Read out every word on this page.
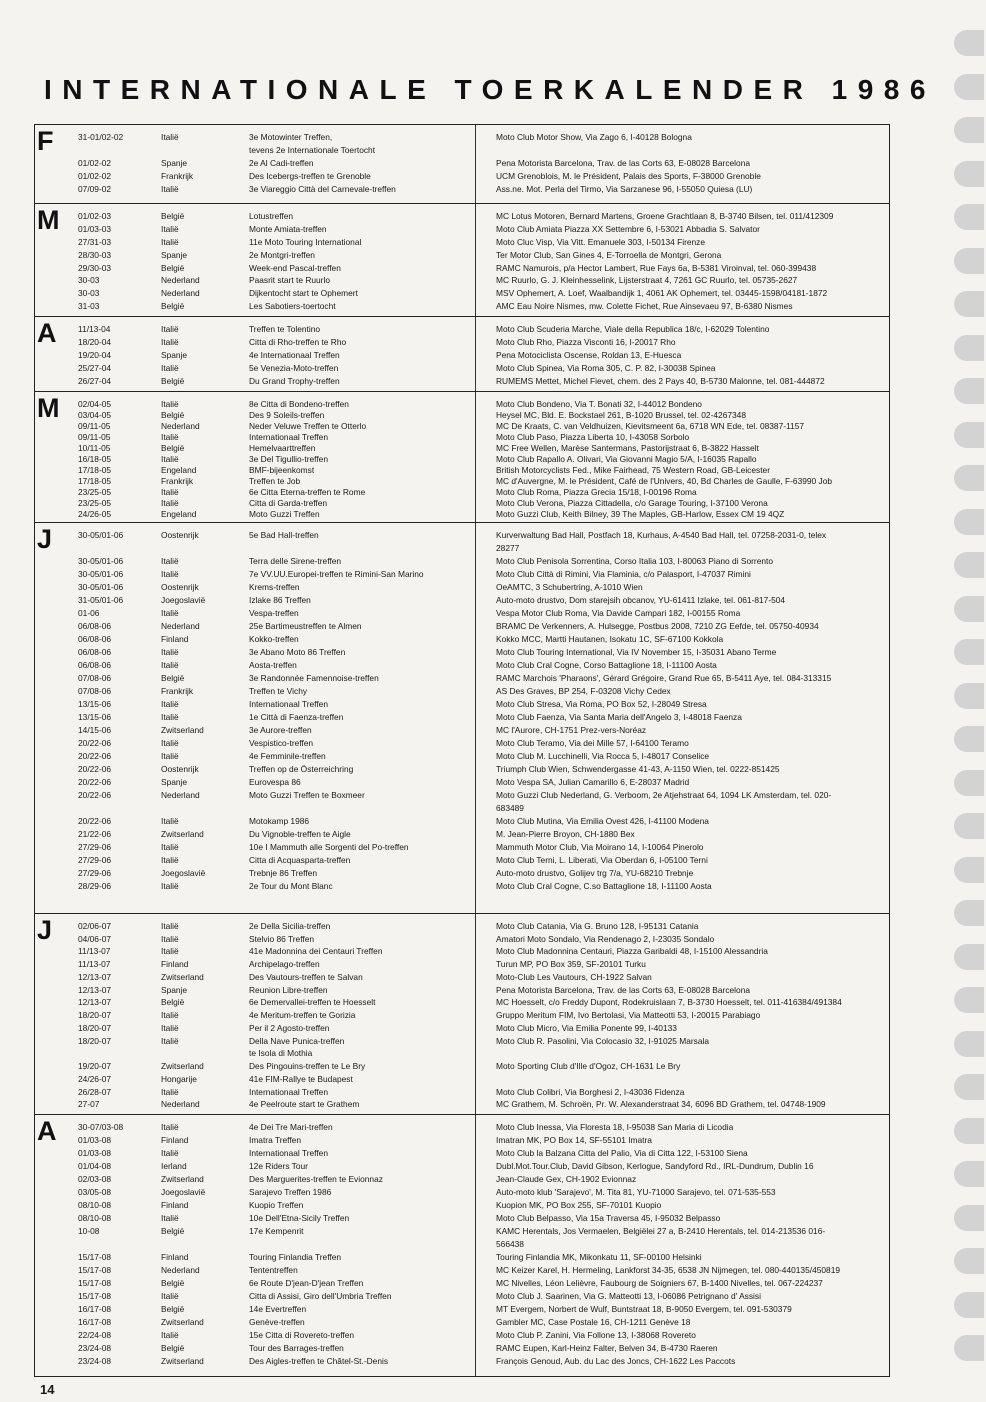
INTERNATIONALE TOERKALENDER 1986
F	31-01/02-02	Italië	3e Motowinter Treffen,	Moto Club Motor Show, Via Zago 6, I-40128 Bologna
tevens 2e Internationale Toertocht
01/02-02	Spanje	2e Al Cadi-treffen	Pena Motorista Barcelona, Trav. de las Corts 63, E-08028 Barcelona
01/02-02	Frankrijk	Des Icebergs-treffen te Grenoble	UCM Grenoblois, M. le Président, Palais des Sports, F-38000 Grenoble
07/09-02	Italië	3e Viareggio Città del Carnevale-treffen	Ass.ne. Mot. Perla del Tirmo, Via Sarzanese 96, I-55050 Quiesa (LU)
M 01/02-03	België	Lotustreffen	MC Lotus Motoren, Bernard Martens, Groene Grachtlaan 8, B-3740 Bilsen, tel. 011/412309
01/03-03	Italië	Monte Amiata-treffen	Moto Club Amiata Piazza XX Settembre 6, I-53021 Abbadia S. Salvator
27/31-03	Italië	11e Moto Touring International	Moto Cluc Visp, Via Vitt. Emanuele 303, I-50134 Firenze
28/30-03	Spanje	2e Montgri-treffen	Ter Motor Club, San Gines 4, E-Torroella de Montgri, Gerona
29/30-03	België	Week-end Pascal-treffen	RAMC Namurois, p/a Hector Lambert, Rue Fays 6a, B-5381 Viroinval, tel. 060-399438
30-03	Nederland	Paasrit start te Ruurlo	MC Ruurlo, G. J. Kleinhesselink, Lijsterstraat 4, 7261 GC Ruurlo, tel. 05735-2627
30-03	Nederland	Dijkentocht start te Ophemert	MSV Ophemert, A. Loef, Waalbandijk 1, 4061 AK Ophemert, tel. 03445-1598/04181-1872
31-03	België	Les Sabotiers-toertocht	AMC Eau Noire Nismes, mw. Colette Fichet, Rue Ainsevaeu 97, B-6380 Nismes
A	11/13-04	Italië	Treffen te Tolentino	Moto Club Scuderia Marche, Viale della Republica 18/c, I-62029 Tolentino
18/20-04	Italië	Citta di Rho-treffen te Rho	Moto Club Rho, Piazza Visconti 16, I-20017 Rho
19/20-04	Spanje	4e Internationaal Treffen	Pena Motociclista Oscense, Roldan 13, E-Huesca
25/27-04	Italië	5e Venezia-Moto-treffen	Moto Club Spinea, Via Roma 305, C. P. 82, I-30038 Spinea
26/27-04	België	Du Grand Trophy-treffen	RUMEMS Mettet, Michel Fievet, chem. des 2 Pays 40, B-5730 Malonne, tel. 081-444872
M 02/04-05	Italië	8e Citta di Bondeno-treffen	Moto Club Bondeno, Via T. Bonati 32, I-44012 Bondeno
03/04-05	België	Des 9 Soleils-treffen	Heysel MC, Bld. E. Bockstael 261, B-1020 Brussel, tel. 02-4267348
09/11-05	Nederland	Neder Veluwe Treffen te Otterlo	MC De Kraats, C. van Veldhuizen, Kievitsmeent 6a, 6718 WN Ede, tel. 08387-1157
09/11-05	Italië	Internationaal Treffen	Moto Club Paso, Piazza Liberta 10, I-43058 Sorbolo
10/11-05	België	Hemelvaarttreffen	MC Free Wellen, Marèse Santermans, Pastorijstraat 6, B-3822 Hasselt
16/18-05	Italië	3e Del Tigullio-treffen	Moto Club Rapallo A. Olivari, Via Giovanni Magio 5/A, I-16035 Rapallo
17/18-05	Engeland	BMF-bijeenkomst	British Motorcyclists Fed., Mike Fairhead, 75 Western Road, GB-Leicester
17/18-05	Frankrijk	Treffen te Job	MC d'Auvergne, M. le Président, Café de l'Univers, 40, Bd Charles de Gaulle, F-63990 Job
23/25-05	Italië	6e Citta Eterna-treffen te Rome	Moto Club Roma, Piazza Grecia 15/18, I-00196 Roma
23/25-05	Italië	Citta di Garda-treffen	Moto Club Verona, Piazza Cittadella, c/o Garage Touring, I-37100 Verona
24/26-05	Engeland	Moto Guzzi Treffen	Moto Guzzi Club, Keith Bilney, 39 The Maples, GB-Harlow, Essex CM 19 4QZ
J	30-05/01-06	Oostenrijk	5e Bad Hall-treffen	Kurverwaltung Bad Hall, Postfach 18, Kurhaus, A-4540 Bad Hall, tel. 07258-2031-0, telex
28277
30-05/01-06	Italië	Terra delle Sirene-treffen	Moto Club Penisola Sorrentina, Corso Italia 103, I-80063 Piano di Sorrento
30-05/01-06	Italië	7e VV.UU.Europei-treffen te Rimini-San Marino	Moto Club Città di Rimini, Via Flaminia, c/o Palasport, I-47037 Rimini
30-05/01-06	Oostenrijk	Krems-treffen	OeAMTC, 3 Schubertring, A-1010 Wien
31-05/01-06	Joegoslavië	Izlake 86 Treffen	Auto-moto drustvo, Dom starejsih obcanov, YU-61411 Izlake, tel. 061-817-504
01-06	Italië	Vespa-treffen	Vespa Motor Club Roma, Via Davide Campari 182, I-00155 Roma
06/08-06	Nederland	25e Bartimeustreffen te Almen	BRAMC De Verkenners, A. Hulsegge, Postbus 2008, 7210 ZG Eefde, tel. 05750-40934
06/08-06	Finland	Kokko-treffen	Kokko MCC, Martti Hautanen, Isokatu 1C, SF-67100 Kokkola
06/08-06	Italië	3e Abano Moto 86 Treffen	Moto Club Touring International, Via IV November 15, I-35031 Abano Terme
06/08-06	Italië	Aosta-treffen	Moto Club Cral Cogne, Corso Battaglione 18, I-11100 Aosta
07/08-06	België	3e Randonnée Famennoise-treffen	RAMC Marchois 'Pharaons', Gérard Grégoire, Grand Rue 65, B-5411 Aye, tel. 084-313315
07/08-06	Frankrijk	Treffen te Vichy	AS Des Graves, BP 254, F-03208 Vichy Cedex
13/15-06	Italië	Internationaal Treffen	Moto Club Stresa, Via Roma, PO Box 52, I-28049 Stresa
13/15-06	Italië	1e Città di Faenza-treffen	Moto Club Faenza, Via Santa Maria dell'Angelo 3, I-48018 Faenza
14/15-06	Zwitserland	3e Aurore-treffen	MC l'Aurore, CH-1751 Prez-vers-Noréaz
20/22-06	Italië	Vespistico-treffen	Moto Club Teramo, Via dei Mille 57, I-64100 Teramo
20/22-06	Italië	4e Femminile-treffen	Moto Club M. Lucchinelli, Via Rocca 5, I-48017 Conselice
20/22-06	Oostenrijk	Treffen op de Österreichring	Triumph Club Wien, Schwendergasse 41-43, A-1150 Wien, tel. 0222-851425
20/22-06	Spanje	Eurovespa 86	Moto Vespa SA, Julian Camarillo 6, E-28037 Madrid
20/22-06	Nederland	Moto Guzzi Treffen te Boxmeer	Moto Guzzi Club Nederland, G. Verboom, 2e Atjehstraat 64, 1094 LK Amsterdam, tel. 020-
683489
20/22-06	Italië	Motokamp 1986	Moto Club Mutina, Via Emilia Ovest 426, I-41100 Modena
21/22-06	Zwitserland	Du Vignoble-treffen te Aigle	M. Jean-Pierre Broyon, CH-1880 Bex
27/29-06	Italië	10e I Mammuth alle Sorgenti del Po-treffen	Mammuth Motor Club, Via Moirano 14, I-10064 Pinerolo
27/29-06	Italië	Citta di Acquasparta-treffen	Moto Club Terni, L. Liberati, Via Oberdan 6, I-05100 Terni
27/29-06	Joegoslavië	Trebnje 86 Treffen	Auto-moto drustvo, Golijev trg 7/a, YU-68210 Trebnje
28/29-06	Italië	2e Tour du Mont Blanc	Moto Club Cral Cogne, C.so Battaglione 18, I-11100 Aosta
J	02/06-07	Italië	2e Della Sicilia-treffen	Moto Club Catania, Via G. Bruno 128, I-95131 Catania
04/06-07	Italië	Stelvio 86 Treffen	Amatori Moto Sondalo, Via Rendenago 2, I-23035 Sondalo
11/13-07	Italië	41e Madonnina dei Centauri Treffen	Moto Club Madonnina Centauri, Piazza Garibaldi 48, I-15100 Alessandria
11/13-07	Finland	Archipelago-treffen	Turun MP, PO Box 359, SF-20101 Turku
12/13-07	Zwitserland	Des Vautours-treffen te Salvan	Moto-Club Les Vautours, CH-1922 Salvan
12/13-07	Spanje	Reunion Libre-treffen	Pena Motorista Barcelona, Trav. de las Corts 63, E-08028 Barcelona
12/13-07	België	6e Demervallei-treffen te Hoesselt	MC Hoesselt, c/o Freddy Dupont, Rodekruislaan 7, B-3730 Hoesselt, tel. 011-416384/491384
18/20-07	Italië	4e Meritum-treffen te Gorizia	Gruppo Meritum FIM, Ivo Bertolasi, Via Matteotti 53, I-20015 Parabiago
18/20-07	Italië	Per il 2 Agosto-treffen	Moto Club Micro, Via Emilia Ponente 99, I-40133
18/20-07	Italië	Della Nave Punica-treffen	Moto Club R. Pasolini, Via Colocasio 32, I-91025 Marsala
te Isola di Mothia
19/20-07	Zwitserland	Des Pingouins-treffen te Le Bry	Moto Sporting Club d'Ille d'Ogoz, CH-1631 Le Bry
24/26-07	Hongarije	41e FIM-Rallye te Budapest
26/28-07	Italië	Internationaal Treffen	Moto Club Colibri, Via Borghesi 2, I-43036 Fidenza
27-07	Nederland	4e Peelroute start te Grathem	MC Grathem, M. Schroën, Pr. W. Alexanderstraat 34, 6096 BD Grathem, tel. 04748-1909
A	30-07/03-08	Italië	4e Dei Tre Mari-treffen	Moto Club Inessa, Via Floresta 18, I-95038 San Maria di Licodia
01/03-08	Finland	Imatra Treffen	Imatran MK, PO Box 14, SF-55101 Imatra
01/03-08	Italië	Internationaal Treffen	Moto Club la Balzana Citta del Palio, Via di Citta 122, I-53100 Siena
01/04-08	Ierland	12e Riders Tour	Dubl.Mot.Tour.Club, David Gibson, Kerlogue, Sandyford Rd., IRL-Dundrum, Dublin 16
02/03-08	Zwitserland	Des Marguerites-treffen te Evionnaz	Jean-Claude Gex, CH-1902 Evionnaz
03/05-08	Joegoslavië	Sarajevo Treffen 1986	Auto-moto klub 'Sarajevo', M. Tita 81, YU-71000 Sarajevo, tel. 071-535-553
08/10-08	Finland	Kuopio Treffen	Kuopion MK, PO Box 255, SF-70101 Kuopio
08/10-08	Italië	10e Dell'Etna-Sicily Treffen	Moto Club Belpasso, Via 15a Traversa 45, I-95032 Belpasso
10-08	België	17e Kempenrit	KAMC Herentals, Jos Vermaelen, Belgiëlei 27 a, B-2410 Herentals, tel. 014-213536 016-
566438
15/17-08	Finland	Touring Finlandia Treffen	Touring Finlandia MK, Mikonkatu 11, SF-00100 Helsinki
15/17-08	Nederland	Tententreffen	MC Keizer Karel, H. Hermeling, Lankforst 34-35, 6538 JN Nijmegen, tel. 080-440135/450819
15/17-08	België	6e Route D'jean-D'jean Treffen	MC Nivelles, Léon Lelièvre, Faubourg de Soigniers 67, B-1400 Nivelles, tel. 067-224237
15/17-08	Italië	Citta di Assisi, Giro dell'Umbria Treffen	Moto Club J. Saarinen, Via G. Matteotti 13, I-06086 Petrignano d' Assisi
16/17-08	België	14e Evertreffen	MT Evergem, Norbert de Wulf, Buntstraat 18, B-9050 Evergem, tel. 091-530379
16/17-08	Zwitserland	Genève-treffen	Gambler MC, Case Postale 16, CH-1211 Genève 18
22/24-08	Italië	15e Citta di Rovereto-treffen	Moto Club P. Zanini, Via Follone 13, I-38068 Rovereto
23/24-08	België	Tour des Barrages-treffen	RAMC Eupen, Karl-Heinz Falter, Belven 34, B-4730 Raeren
23/24-08	Zwitserland	Des Aigles-treffen te Châtel-St.-Denis	François Genoud, Aub. du Lac des Joncs, CH-1622 Les Paccots
14
